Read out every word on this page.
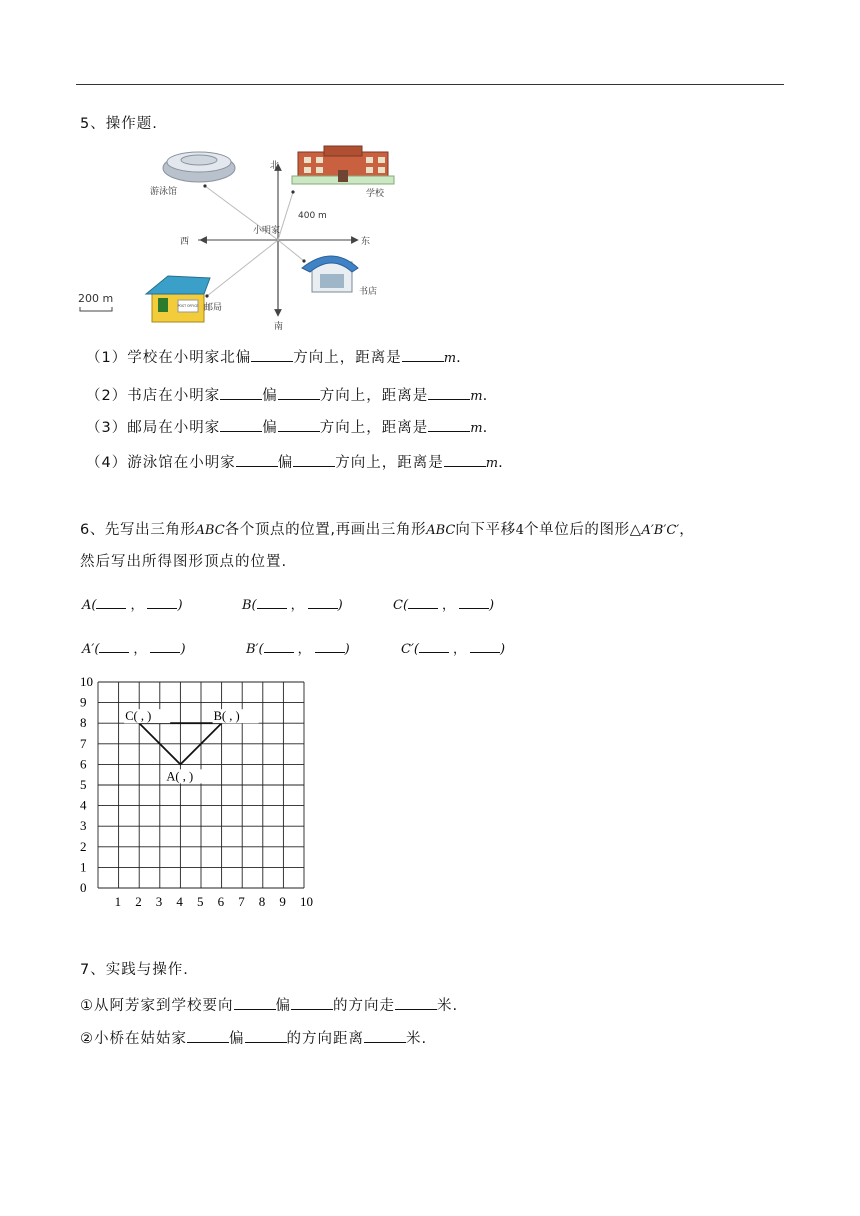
5、操作题.
POST OFFICE
北
南
东
西
小明家
学校
游泳馆
书店
邮局
400 m
200 m
（1）学校在小明家北偏	方向上，距离是	m.
（2）书店在小明家	偏	方向上，距离是	m.
（3）邮局在小明家	偏	方向上，距离是	m.
（4）游泳馆在小明家	偏	方向上，距离是	m.
6、先写出三角形ABC各个顶点的位置,再画出三角形ABC向下平移4个单位后的图形△A′B′C′，
然后写出所得图形顶点的位置.
A(	，	)	B(	，	)	C(	，	)
A′(	，	)	B′(	，	)	C′(	，	)
0
1
2
3
4
5
6
7
8
9
10
1 2 3 4 5 6 7 8 9 10
C( , )	B( , )
A( , )
7、实践与操作.
①从阿芳家到学校要向	偏	的方向走	米.
②小桥在姑姑家	偏	的方向距离	米.
